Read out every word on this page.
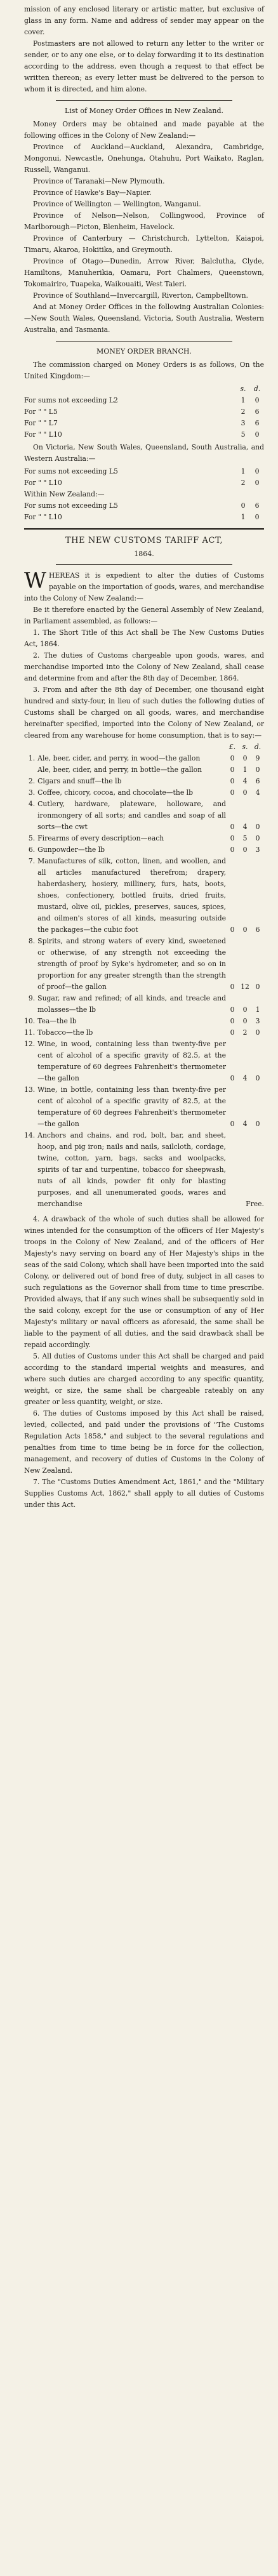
mission of any enclosed literary or artistic matter, but exclusive of glass in any form. Name and address of sender may appear on the cover.

Postmasters are not allowed to return any letter to the writer or sender, or to any one else, or to delay forwarding it to its destination according to the address, even though a request to that effect be written thereon; as every letter must be delivered to the person to whom it is directed, and him alone.

List of Money Order Offices in New Zealand.

Money Orders may be obtained and made payable at the following offices in the Colony of New Zealand:—

Province of Auckland—Auckland, Alexandra, Cambridge, Mongonui, Newcastle, Onehunga, Otahuhu, Port Waikato, Raglan, Russell, Wanganui.

Province of Taranaki—New Plymouth.

Province of Hawke's Bay—Napier.

Province of Wellington — Wellington, Wanganui.

Province of Nelson—Nelson, Collingwood, Province of Marlborough—Picton, Blenheim, Havelock.

Province of Canterbury — Christchurch, Lyttelton, Kaiapoi, Timaru, Akaroa, Hokitika, and Greymouth.

Province of Otago—Dunedin, Arrow River, Balclutha, Clyde, Hamiltons, Manuherikia, Oamaru, Port Chalmers, Queenstown, Tokomairiro, Tuapeka, Waikouaiti, West Taieri.

Province of Southland—Invercargill, Riverton, Campbelltown.

And at Money Order Offices in the following Australian Colonies:—New South Wales, Queensland, Victoria, South Australia, Western Australia, and Tasmania.

MONEY ORDER BRANCH.

The commission charged on Money Orders is as follows, On the United Kingdom:—

	s.	d.
For sums not exceeding L2	1	0
For " " L5	2	6
For " " L7	3	6
For " " L10	5	0

On Victoria, New South Wales, Queensland, South Australia, and Western Australia:—

For sums not exceeding L5	1	0
For " " L10	2	0
Within New Zealand:—		
For sums not exceeding L5	0	6
For " " L10	1	0
THE NEW CUSTOMS TARIFF ACT,
1864.

WHEREAS it is expedient to alter the duties of Customs payable on the importation of goods, wares, and merchandise into the Colony of New Zealand:—

Be it therefore enacted by the General Assembly of New Zealand, in Parliament assembled, as follows:—

1. The Short Title of this Act shall be The New Customs Duties Act, 1864.

2. The duties of Customs chargeable upon goods, wares, and merchandise imported into the Colony of New Zealand, shall cease and determine from and after the 8th day of December, 1864.

3. From and after the 8th day of December, one thousand eight hundred and sixty-four, in lieu of such duties the following duties of Customs shall be charged on all goods, wares, and merchandise hereinafter specified, imported into the Colony of New Zealand, or cleared from any warehouse for home consumption, that is to say:—

		£.	s.	d.
1.	Ale, beer, cider, and perry, in wood—the gallon	0	0	9
	Ale, beer, cider, and perry, in bottle—the gallon	0	1	0
2.	Cigars and snuff—the lb	0	4	6
3.	Coffee, chicory, cocoa, and chocolate—the lb	0	0	4
4.	Cutlery, hardware, plateware, holloware, and ironmongery of all sorts; and candles and soap of all sorts—the cwt	0	4	0
5.	Firearms of every description—each	0	5	0
6.	Gunpowder—the lb	0	0	3
7.	Manufactures of silk, cotton, linen, and woollen, and all articles manufactured therefrom; drapery, haberdashery, hosiery, millinery, furs, hats, boots, shoes, confectionery, bottled fruits, dried fruits, mustard, olive oil, pickles, preserves, sauces, spices, and oilmen's stores of all kinds, measuring outside the packages—the cubic foot	0	0	6
8.	Spirits, and strong waters of every kind, sweetened or otherwise, of any strength not exceeding the strength of proof by Syke's hydrometer, and so on in proportion for any greater strength than the strength of proof—the gallon	0	12	0
9.	Sugar, raw and refined; of all kinds, and treacle and molasses—the lb	0	0	1
10.	Tea—the lb	0	0	3
11.	Tobacco—the lb	0	2	0
12.	Wine, in wood, containing less than twenty-five per cent of alcohol of a specific gravity of 82.5, at the temperature of 60 degrees Fahrenheit's thermometer—the gallon	0	4	0
13.	Wine, in bottle, containing less than twenty-five per cent of alcohol of a specific gravity of 82.5, at the temperature of 60 degrees Fahrenheit's thermometer—the gallon	0	4	0
14.	Anchors and chains, and rod, bolt, bar, and sheet, hoop, and pig iron; nails and nails, sailcloth, cordage, twine, cotton, yarn, bags, sacks and woolpacks, spirits of tar and turpentine, tobacco for sheepwash, nuts of all kinds, powder fit only for blasting purposes, and all unenumerated goods, wares and merchandise	Free.		

4. A drawback of the whole of such duties shall be allowed for wines intended for the consumption of the officers of Her Majesty's troops in the Colony of New Zealand, and of the officers of Her Majesty's navy serving on board any of Her Majesty's ships in the seas of the said Colony, which shall have been imported into the said Colony, or delivered out of bond free of duty, subject in all cases to such regulations as the Governor shall from time to time prescribe. Provided always, that if any such wines shall be subsequently sold in the said colony, except for the use or consumption of any of Her Majesty's military or naval officers as aforesaid, the same shall be liable to the payment of all duties, and the said drawback shall be repaid accordingly.

5. All duties of Customs under this Act shall be charged and paid according to the standard imperial weights and measures, and where such duties are charged according to any specific quantity, weight, or size, the same shall be chargeable rateably on any greater or less quantity, weight, or size.

6. The duties of Customs imposed by this Act shall be raised, levied, collected, and paid under the provisions of "The Customs Regulation Acts 1858," and subject to the several regulations and penalties from time to time being be in force for the collection, management, and recovery of duties of Customs in the Colony of New Zealand.

7. The "Customs Duties Amendment Act, 1861," and the "Military Supplies Customs Act, 1862," shall apply to all duties of Customs under this Act.
